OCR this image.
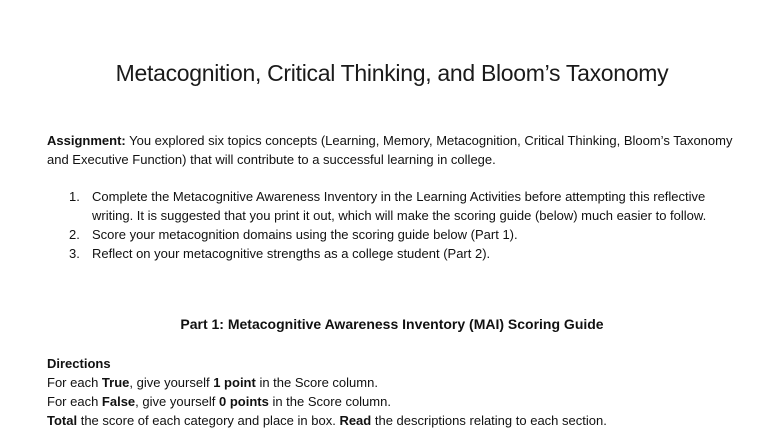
Metacognition, Critical Thinking, and Bloom’s Taxonomy
Assignment: You explored six topics concepts (Learning, Memory, Metacognition, Critical Thinking, Bloom’s Taxonomy and Executive Function) that will contribute to a successful learning in college.
1. Complete the Metacognitive Awareness Inventory in the Learning Activities before attempting this reflective writing. It is suggested that you print it out, which will make the scoring guide (below) much easier to follow.
2. Score your metacognition domains using the scoring guide below (Part 1).
3. Reflect on your metacognitive strengths as a college student (Part 2).
Part 1: Metacognitive Awareness Inventory (MAI) Scoring Guide
Directions
For each True, give yourself 1 point in the Score column.
For each False, give yourself 0 points in the Score column.
Total the score of each category and place in box. Read the descriptions relating to each section.
